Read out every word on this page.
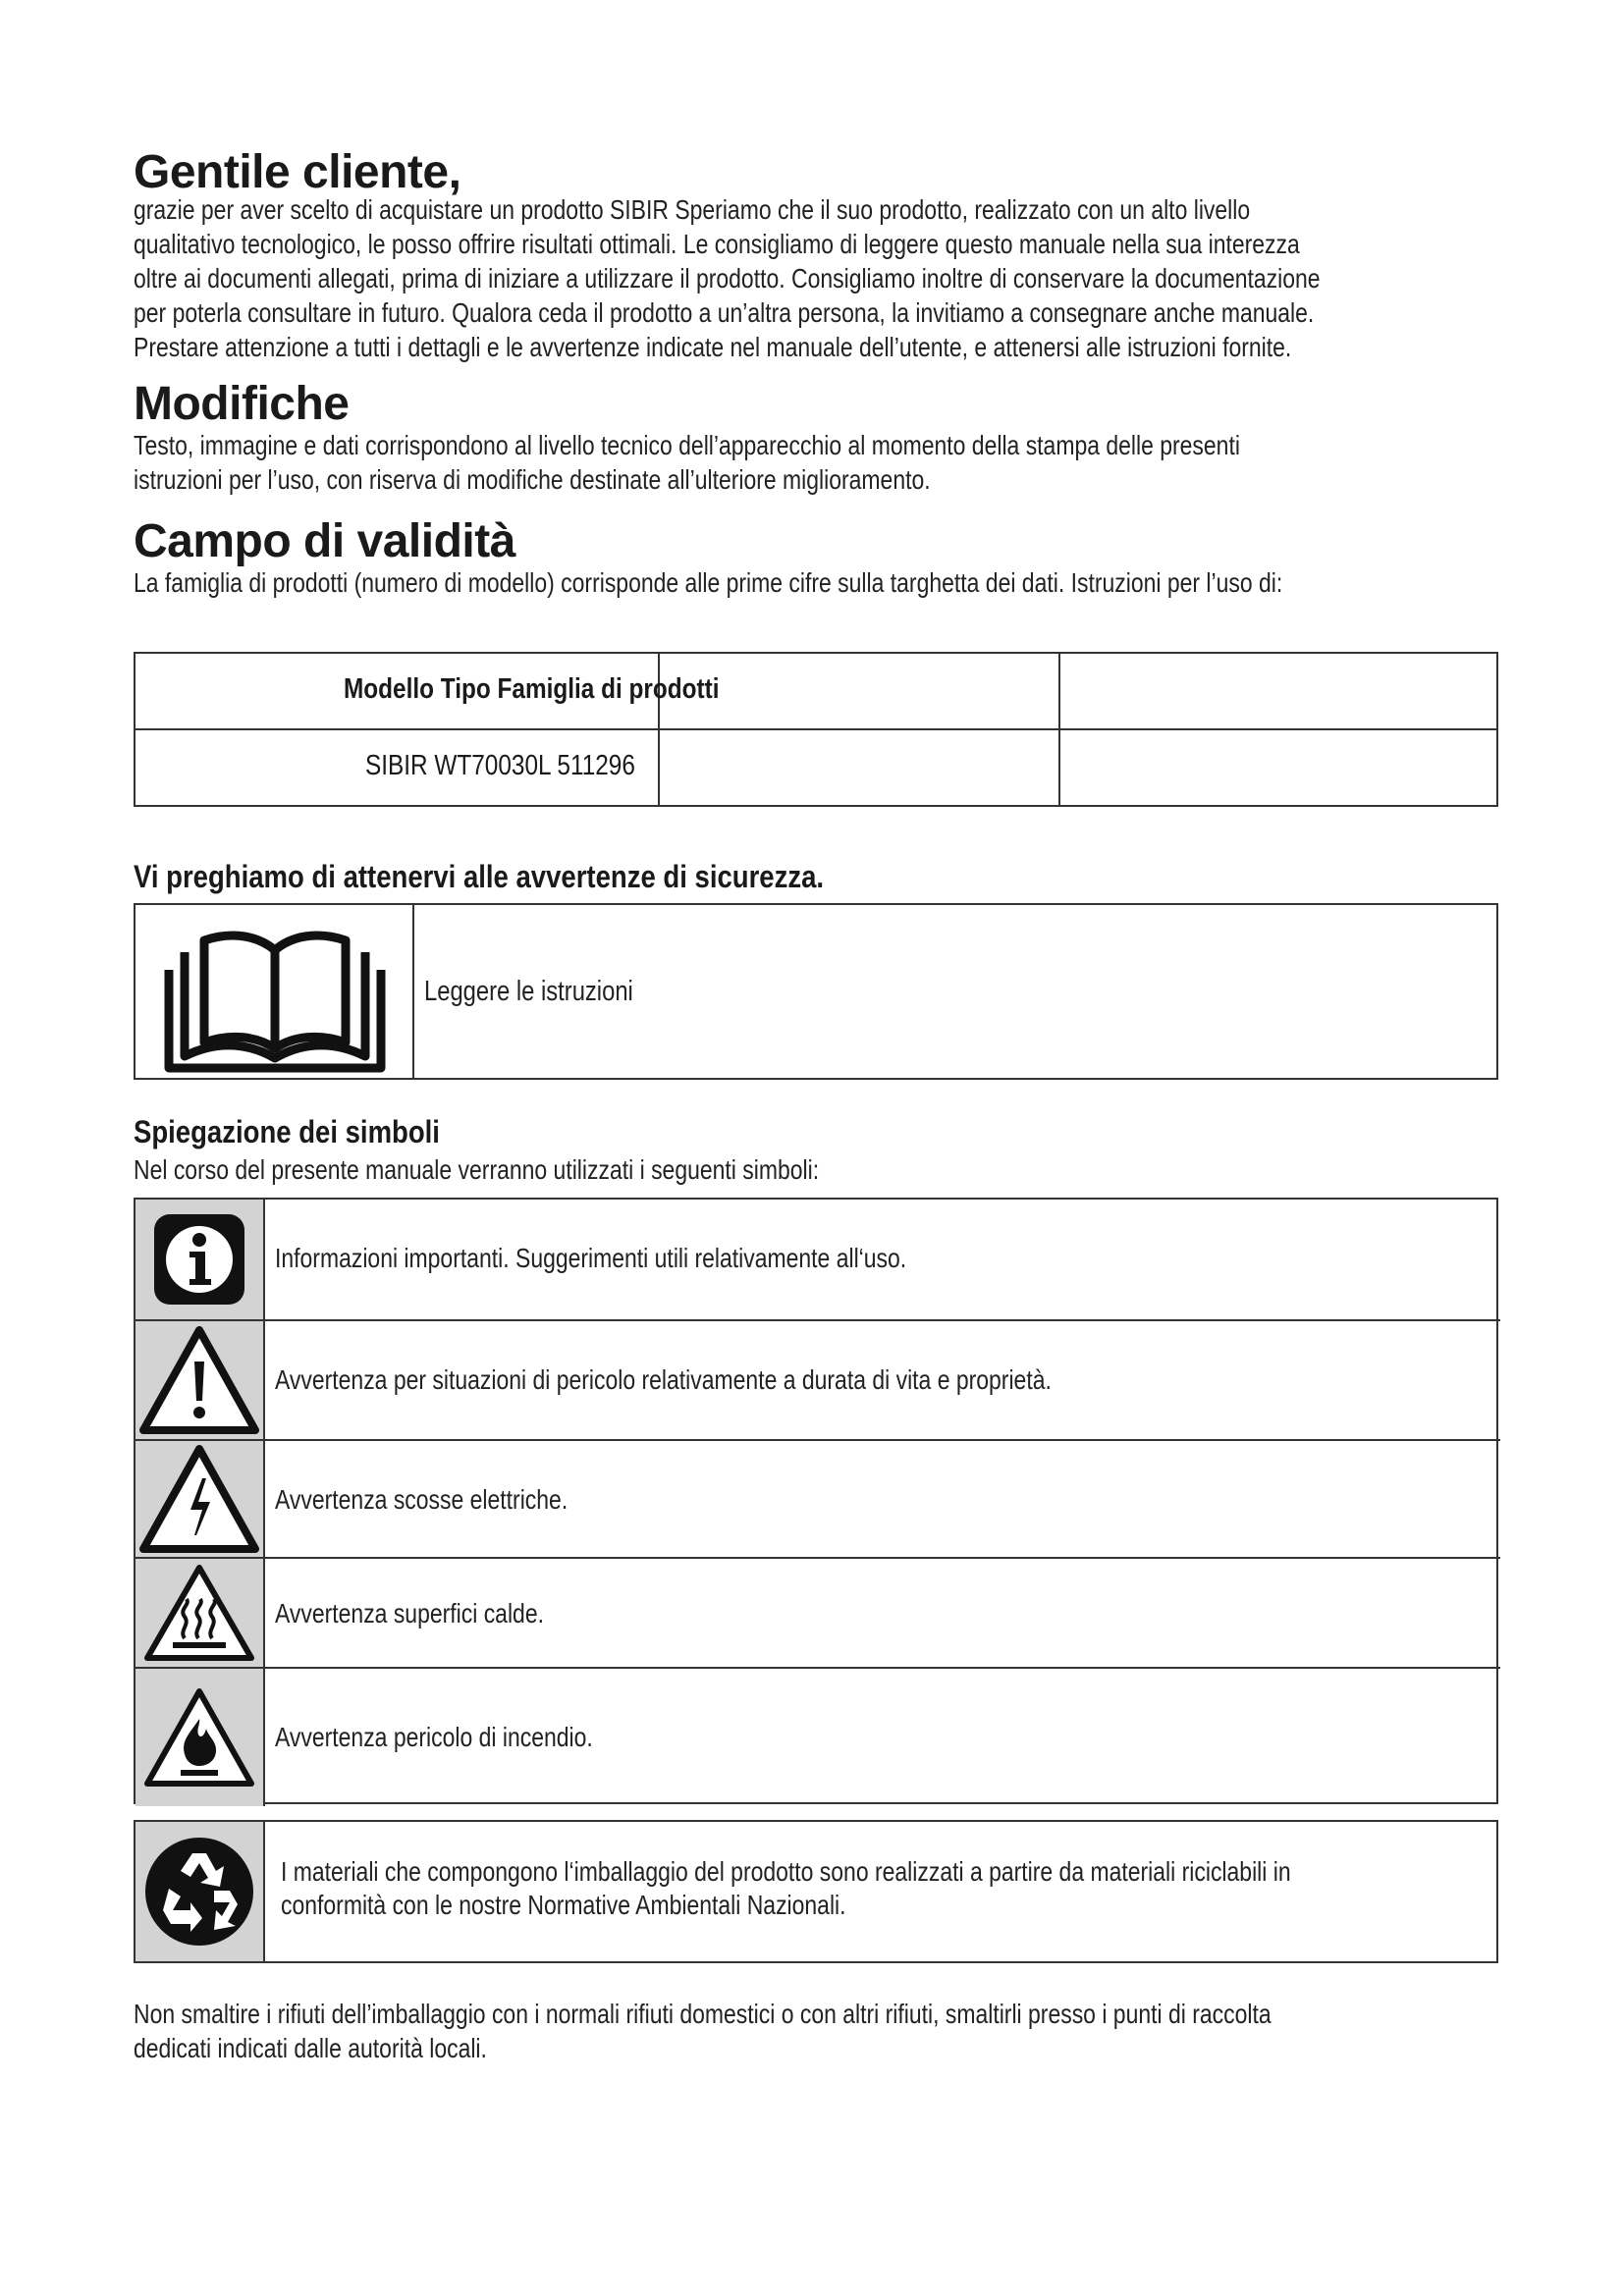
Gentile cliente,
grazie per aver scelto di acquistare un prodotto SIBIR Speriamo che il suo prodotto, realizzato con un alto livello
qualitativo tecnologico, le posso offrire risultati ottimali. Le consigliamo di leggere questo manuale nella sua interezza
oltre ai documenti allegati, prima di iniziare a utilizzare il prodotto. Consigliamo inoltre di conservare la documentazione
per poterla consultare in futuro. Qualora ceda il prodotto a un’altra persona, la invitiamo a consegnare anche manuale.
Prestare attenzione a tutti i dettagli e le avvertenze indicate nel manuale dell’utente, e attenersi alle istruzioni fornite.
Modifiche
Testo, immagine e dati corrispondono al livello tecnico dell’apparecchio al momento della stampa delle presenti
istruzioni per l’uso, con riserva di modifiche destinate all’ulteriore miglioramento.
Campo di validità
La famiglia di prodotti (numero di modello) corrisponde alle prime cifre sulla targhetta dei dati. Istruzioni per l’uso di:
Modello Tipo Famiglia di prodotti
SIBIR WT70030L 511296
Vi preghiamo di attenervi alle avvertenze di sicurezza.
Leggere le istruzioni
Spiegazione dei simboli
Nel corso del presente manuale verranno utilizzati i seguenti simboli:
Informazioni importanti. Suggerimenti utili relativamente all‘uso.
Avvertenza per situazioni di pericolo relativamente a durata di vita e proprietà.
Avvertenza scosse elettriche.
Avvertenza superfici calde.
Avvertenza pericolo di incendio.
I materiali che compongono l‘imballaggio del prodotto sono realizzati a partire da materiali riciclabili in
conformità con le nostre Normative Ambientali Nazionali.
Non smaltire i rifiuti dell’imballaggio con i normali rifiuti domestici o con altri rifiuti, smaltirli presso i punti di raccolta
dedicati indicati dalle autorità locali.
